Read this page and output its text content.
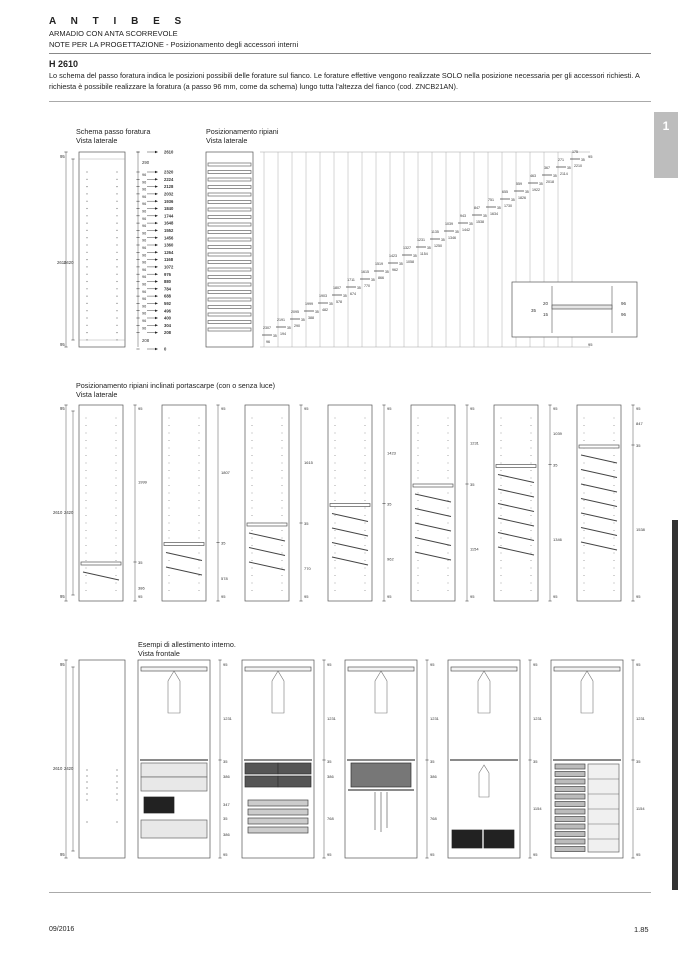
A N T I B E S
ARMADIO CON ANTA SCORREVOLE
NOTE PER LA PROGETTAZIONE - Posizionamento degli accessori interni
H 2610
Lo schema del passo foratura indica le posizioni possibili delle forature sul fianco. Le forature effettive vengono realizzate SOLO nella posizione necessaria per gli accessori richiesti. A richiesta è possibile realizzare la foratura (a passo 96 mm, come da schema) lungo tutta l'altezza del fianco (cod. ZNCB21AN).
1
Schema passo foratura
Vista laterale
Posizionamento ripiani
Vista laterale
Posizionamento ripiani inclinati portascarpe (con o senza luce)
Vista laterale
Esempi di allestimento interno.
Vista frontale
2610
2420
95
95
290
208
2610
2320
96
2224
96
2128
96
2032
96
1936
96
1840
96
1744
96
1648
96
1552
96
1456
96
1360
96
1264
96
1168
96
1072
96
976
96
880
96
784
96
688
96
592
96
496
96
400
96
304
96
208
0
95
95
96
2307
35 194
2191
35 290
2095
35 388
1999
35 482
1903
35 578
1807
35 674
1711
35 770
1615
35 866
1519
35 962
1423
35 1058
1327
35 1154
1231
35 1250
1135
35 1346
1039
35 1442
943
35 1538
847
35 1634
751
35 1730
655
35 1826
559
35 1922
463
35 2018
367
35 2114
271
35 2210
175
35
35
20
15
96
96
2610 2420
95
95
95
95
1999
35
386
95
95
1807
35
578
95
95
1615
35
770
95
95
1423
35
962
95
95
1231
35
1154
95
95
1039
35
1346
95
95
847
35
1538
2610 2420
95
95
95
95
1231
35
386
347
35
386
95
95
1231
35
386
768
95
95
1231
35
386
768
95
95
1231
35
1154
95
95
1231
35
1154
09/2016	1.85
